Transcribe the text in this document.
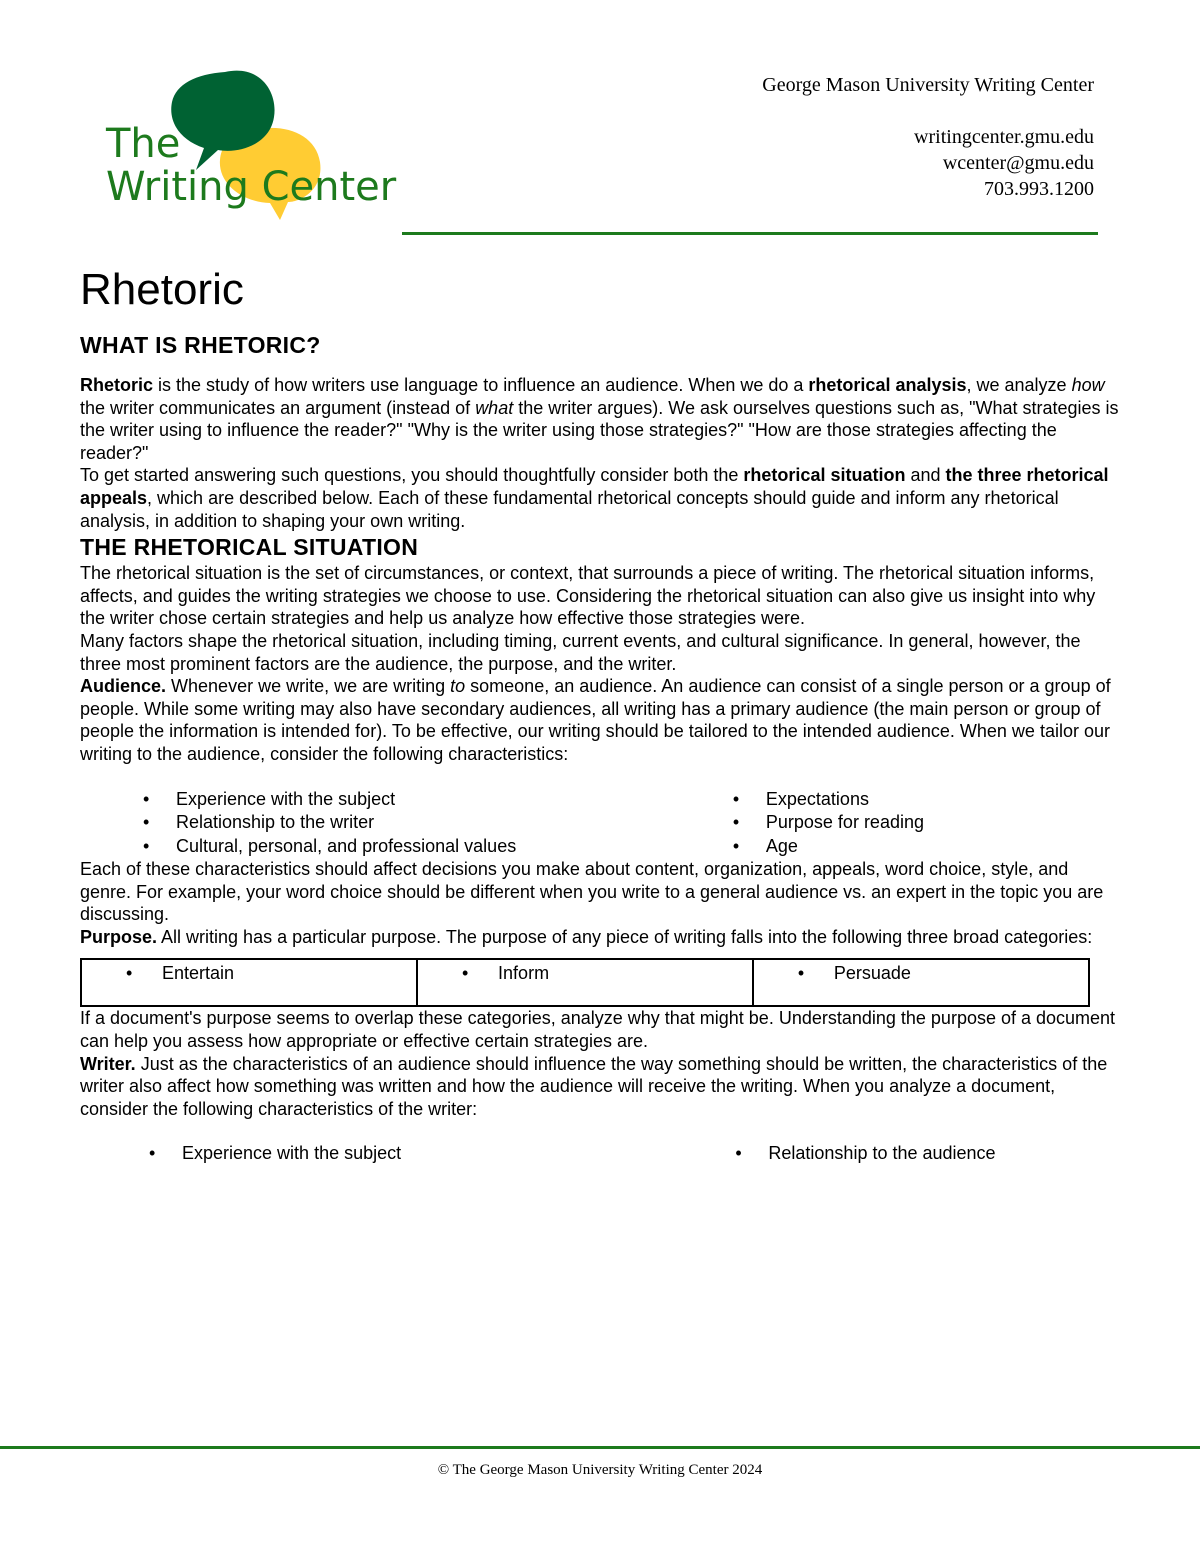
The
Writing Center
George Mason University Writing Center
writingcenter.gmu.edu
wcenter@gmu.edu
703.993.1200
Rhetoric
WHAT IS RHETORIC?

Rhetoric is the study of how writers use language to influence an audience. When we do a rhetorical analysis, we analyze how the writer communicates an argument (instead of what the writer argues). We ask ourselves questions such as, "What strategies is the writer using to influence the reader?" "Why is the writer using those strategies?" "How are those strategies affecting the reader?"

To get started answering such questions, you should thoughtfully consider both the rhetorical situation and the three rhetorical appeals, which are described below. Each of these fundamental rhetorical concepts should guide and inform any rhetorical analysis, in addition to shaping your own writing.

THE RHETORICAL SITUATION

The rhetorical situation is the set of circumstances, or context, that surrounds a piece of writing. The rhetorical situation informs, affects, and guides the writing strategies we choose to use. Considering the rhetorical situation can also give us insight into why the writer chose certain strategies and help us analyze how effective those strategies were.

Many factors shape the rhetorical situation, including timing, current events, and cultural significance. In general, however, the three most prominent factors are the audience, the purpose, and the writer.

Audience. Whenever we write, we are writing to someone, an audience. An audience can consist of a single person or a group of people. While some writing may also have secondary audiences, all writing has a primary audience (the main person or group of people the information is intended for). To be effective, our writing should be tailored to the intended audience. When we tailor our writing to the audience, consider the following characteristics:

• Experience with the subject
• Relationship to the writer
• Cultural, personal, and professional values
• Expectations
• Purpose for reading
• Age

Each of these characteristics should affect decisions you make about content, organization, appeals, word choice, style, and genre. For example, your word choice should be different when you write to a general audience vs. an expert in the topic you are discussing.

Purpose. All writing has a particular purpose. The purpose of any piece of writing falls into the following three broad categories:

• Entertain	•Inform	•Persuade

If a document's purpose seems to overlap these categories, analyze why that might be. Understanding the purpose of a document can help you assess how appropriate or effective certain strategies are.

Writer. Just as the characteristics of an audience should influence the way something should be written, the characteristics of the writer also affect how something was written and how the audience will receive the writing. When you analyze a document, consider the following characteristics of the writer:

• Experience with the subject
•	Relationship to the audience
© The George Mason University Writing Center 2024
